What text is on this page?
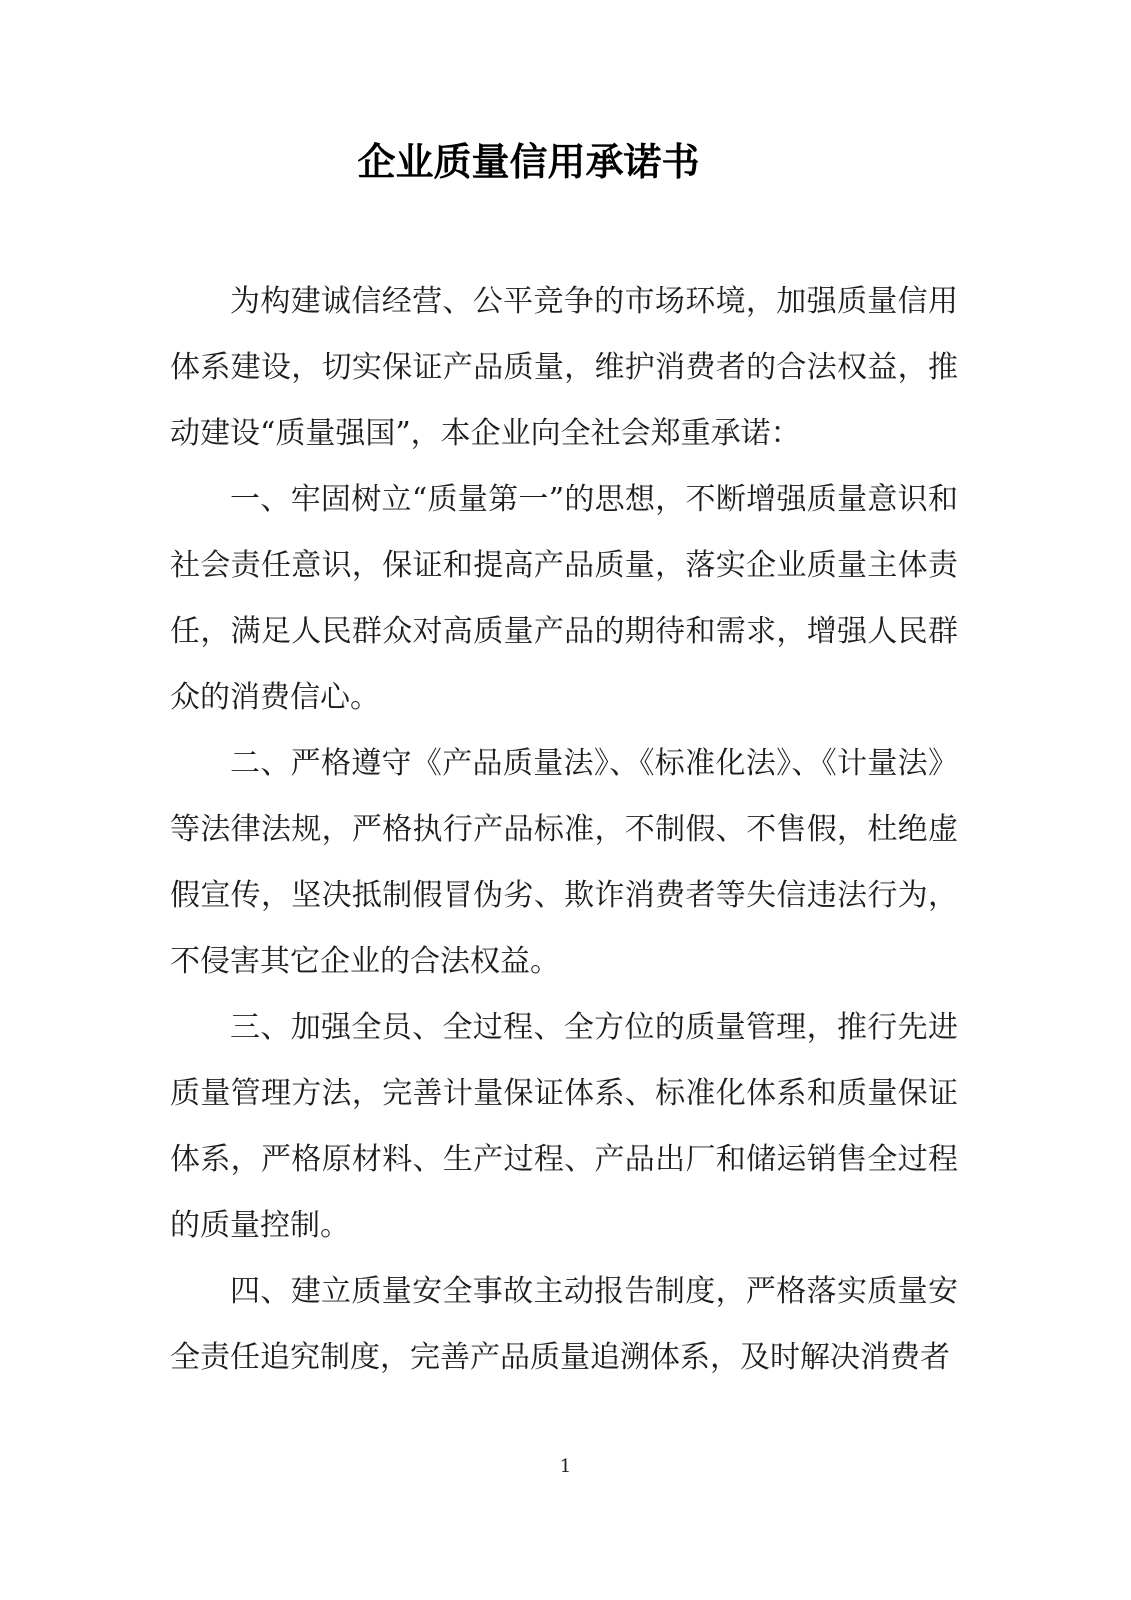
企业质量信用承诺书

为构建诚信经营、公平竞争的市场环境，加强质量信用体系建设，切实保证产品质量，维护消费者的合法权益，推动建设“质量强国”，本企业向全社会郑重承诺：

一、牢固树立“质量第一”的思想，不断增强质量意识和社会责任意识，保证和提高产品质量，落实企业质量主体责任，满足人民群众对高质量产品的期待和需求，增强人民群众的消费信心。

二、严格遵守《产品质量法》、《标准化法》、《计量法》等法律法规，严格执行产品标准，不制假、不售假，杜绝虚假宣传，坚决抵制假冒伪劣、欺诈消费者等失信违法行为，不侵害其它企业的合法权益。

三、加强全员、全过程、全方位的质量管理，推行先进质量管理方法，完善计量保证体系、标准化体系和质量保证体系，严格原材料、生产过程、产品出厂和储运销售全过程的质量控制。

四、建立质量安全事故主动报告制度，严格落实质量安全责任追究制度，完善产品质量追溯体系，及时解决消费者

1
